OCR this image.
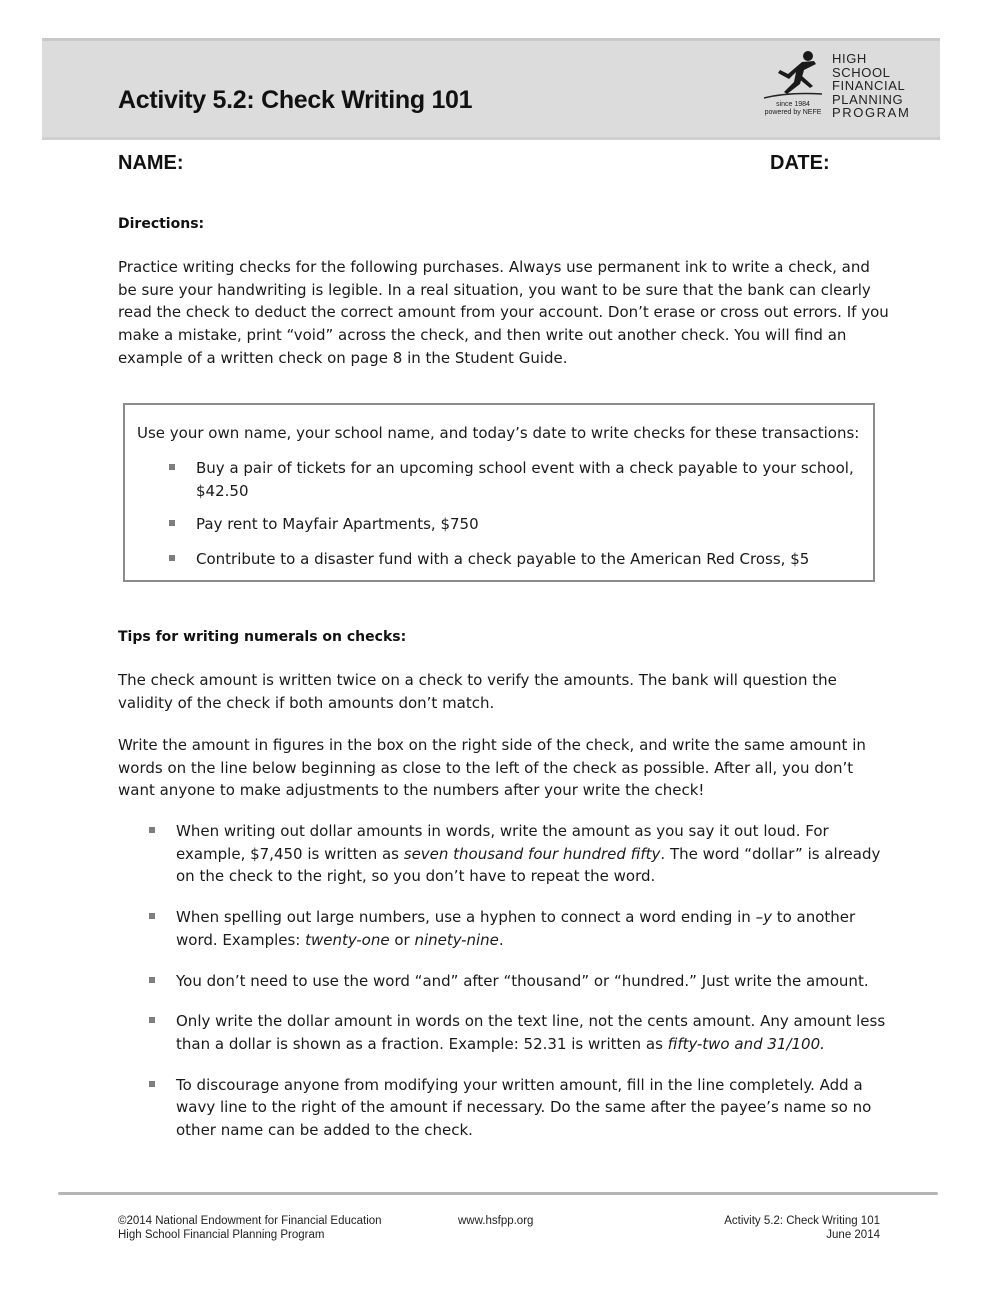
Activity 5.2: Check Writing 101	since 1984
powered by NEFE
HIGH
SCHOOL
FINANCIAL
PLANNING
PROGRAM
NAME:	DATE:
Directions:

Practice writing checks for the following purchases. Always use permanent ink to write a check, and be sure your handwriting is legible. In a real situation, you want to be sure that the bank can clearly read the check to deduct the correct amount from your account. Don’t erase or cross out errors. If you make a mistake, print “void” across the check, and then write out another check. You will find an example of a written check on page 8 in the Student Guide.

Use your own name, your school name, and today’s date to write checks for these transactions:
Buy a pair of tickets for an upcoming school event with a check payable to your school, $42.50
Pay rent to Mayfair Apartments, $750
Contribute to a disaster fund with a check payable to the American Red Cross, $5
Tips for writing numerals on checks:

The check amount is written twice on a check to verify the amounts. The bank will question the validity of the check if both amounts don’t match.

Write the amount in figures in the box on the right side of the check, and write the same amount in words on the line below beginning as close to the left of the check as possible. After all, you don’t want anyone to make adjustments to the numbers after your write the check!

When writing out dollar amounts in words, write the amount as you say it out loud. For example, $7,450 is written as seven thousand four hundred fifty. The word “dollar” is already on the check to the right, so you don’t have to repeat the word.
When spelling out large numbers, use a hyphen to connect a word ending in –y to another word. Examples: twenty-one or ninety-nine.
You don’t need to use the word “and” after “thousand” or “hundred.” Just write the amount.
Only write the dollar amount in words on the text line, not the cents amount. Any amount less than a dollar is shown as a fraction. Example: 52.31 is written as fifty-two and 31/100.
To discourage anyone from modifying your written amount, fill in the line completely. Add a wavy line to the right of the amount if necessary. Do the same after the payee’s name so no other name can be added to the check.
©2014 National Endowment for Financial Education
High School Financial Planning Program
www.hsfpp.org	Activity 5.2: Check Writing 101
June 2014
